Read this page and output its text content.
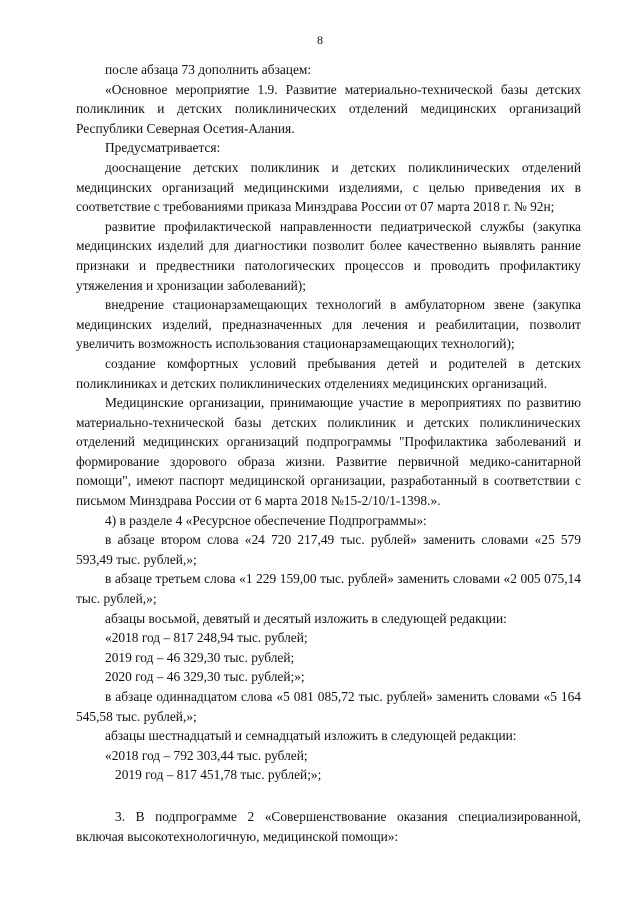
8

после абзаца 73 дополнить абзацем:

«Основное мероприятие 1.9. Развитие материально-технической базы детских поликлиник и детских поликлинических отделений медицинских организаций Республики Северная Осетия-Алания.

Предусматривается:

дооснащение детских поликлиник и детских поликлинических отделений медицинских организаций медицинскими изделиями, с целью приведения их в соответствие с требованиями приказа Минздрава России от 07 марта 2018 г. № 92н;

развитие профилактической направленности педиатрической службы (закупка медицинских изделий для диагностики позволит более качественно выявлять ранние признаки и предвестники патологических процессов и проводить профилактику утяжеления и хронизации заболеваний);

внедрение стационарзамещающих технологий в амбулаторном звене (закупка медицинских изделий, предназначенных для лечения и реабилитации, позволит увеличить возможность использования стационарзамещающих технологий);

создание комфортных условий пребывания детей и родителей в детских поликлиниках и детских поликлинических отделениях медицинских организаций.

Медицинские организации, принимающие участие в мероприятиях по развитию материально-технической базы детских поликлиник и детских поликлинических отделений медицинских организаций подпрограммы "Профилактика заболеваний и формирование здорового образа жизни. Развитие первичной медико-санитарной помощи", имеют паспорт медицинской организации, разработанный в соответствии с письмом Минздрава России от 6 марта 2018 №15-2/10/1-1398.».

4) в разделе 4 «Ресурсное обеспечение Подпрограммы»:

в абзаце втором слова «24 720 217,49 тыс. рублей» заменить словами «25 579 593,49 тыс. рублей,»;

в абзаце третьем слова «1 229 159,00 тыс. рублей» заменить словами «2 005 075,14 тыс. рублей,»;

абзацы восьмой, девятый и десятый изложить в следующей редакции:

«2018 год – 817 248,94 тыс. рублей;

2019 год – 46 329,30 тыс. рублей;

2020 год – 46 329,30 тыс. рублей;»;

в абзаце одиннадцатом слова «5 081 085,72 тыс. рублей» заменить словами «5 164 545,58 тыс. рублей,»;

абзацы шестнадцатый и семнадцатый изложить в следующей редакции:

«2018 год – 792 303,44 тыс. рублей;

2019 год – 817 451,78 тыс. рублей;»;

3. В подпрограмме 2 «Совершенствование оказания специализированной, включая высокотехнологичную, медицинской помощи»:
